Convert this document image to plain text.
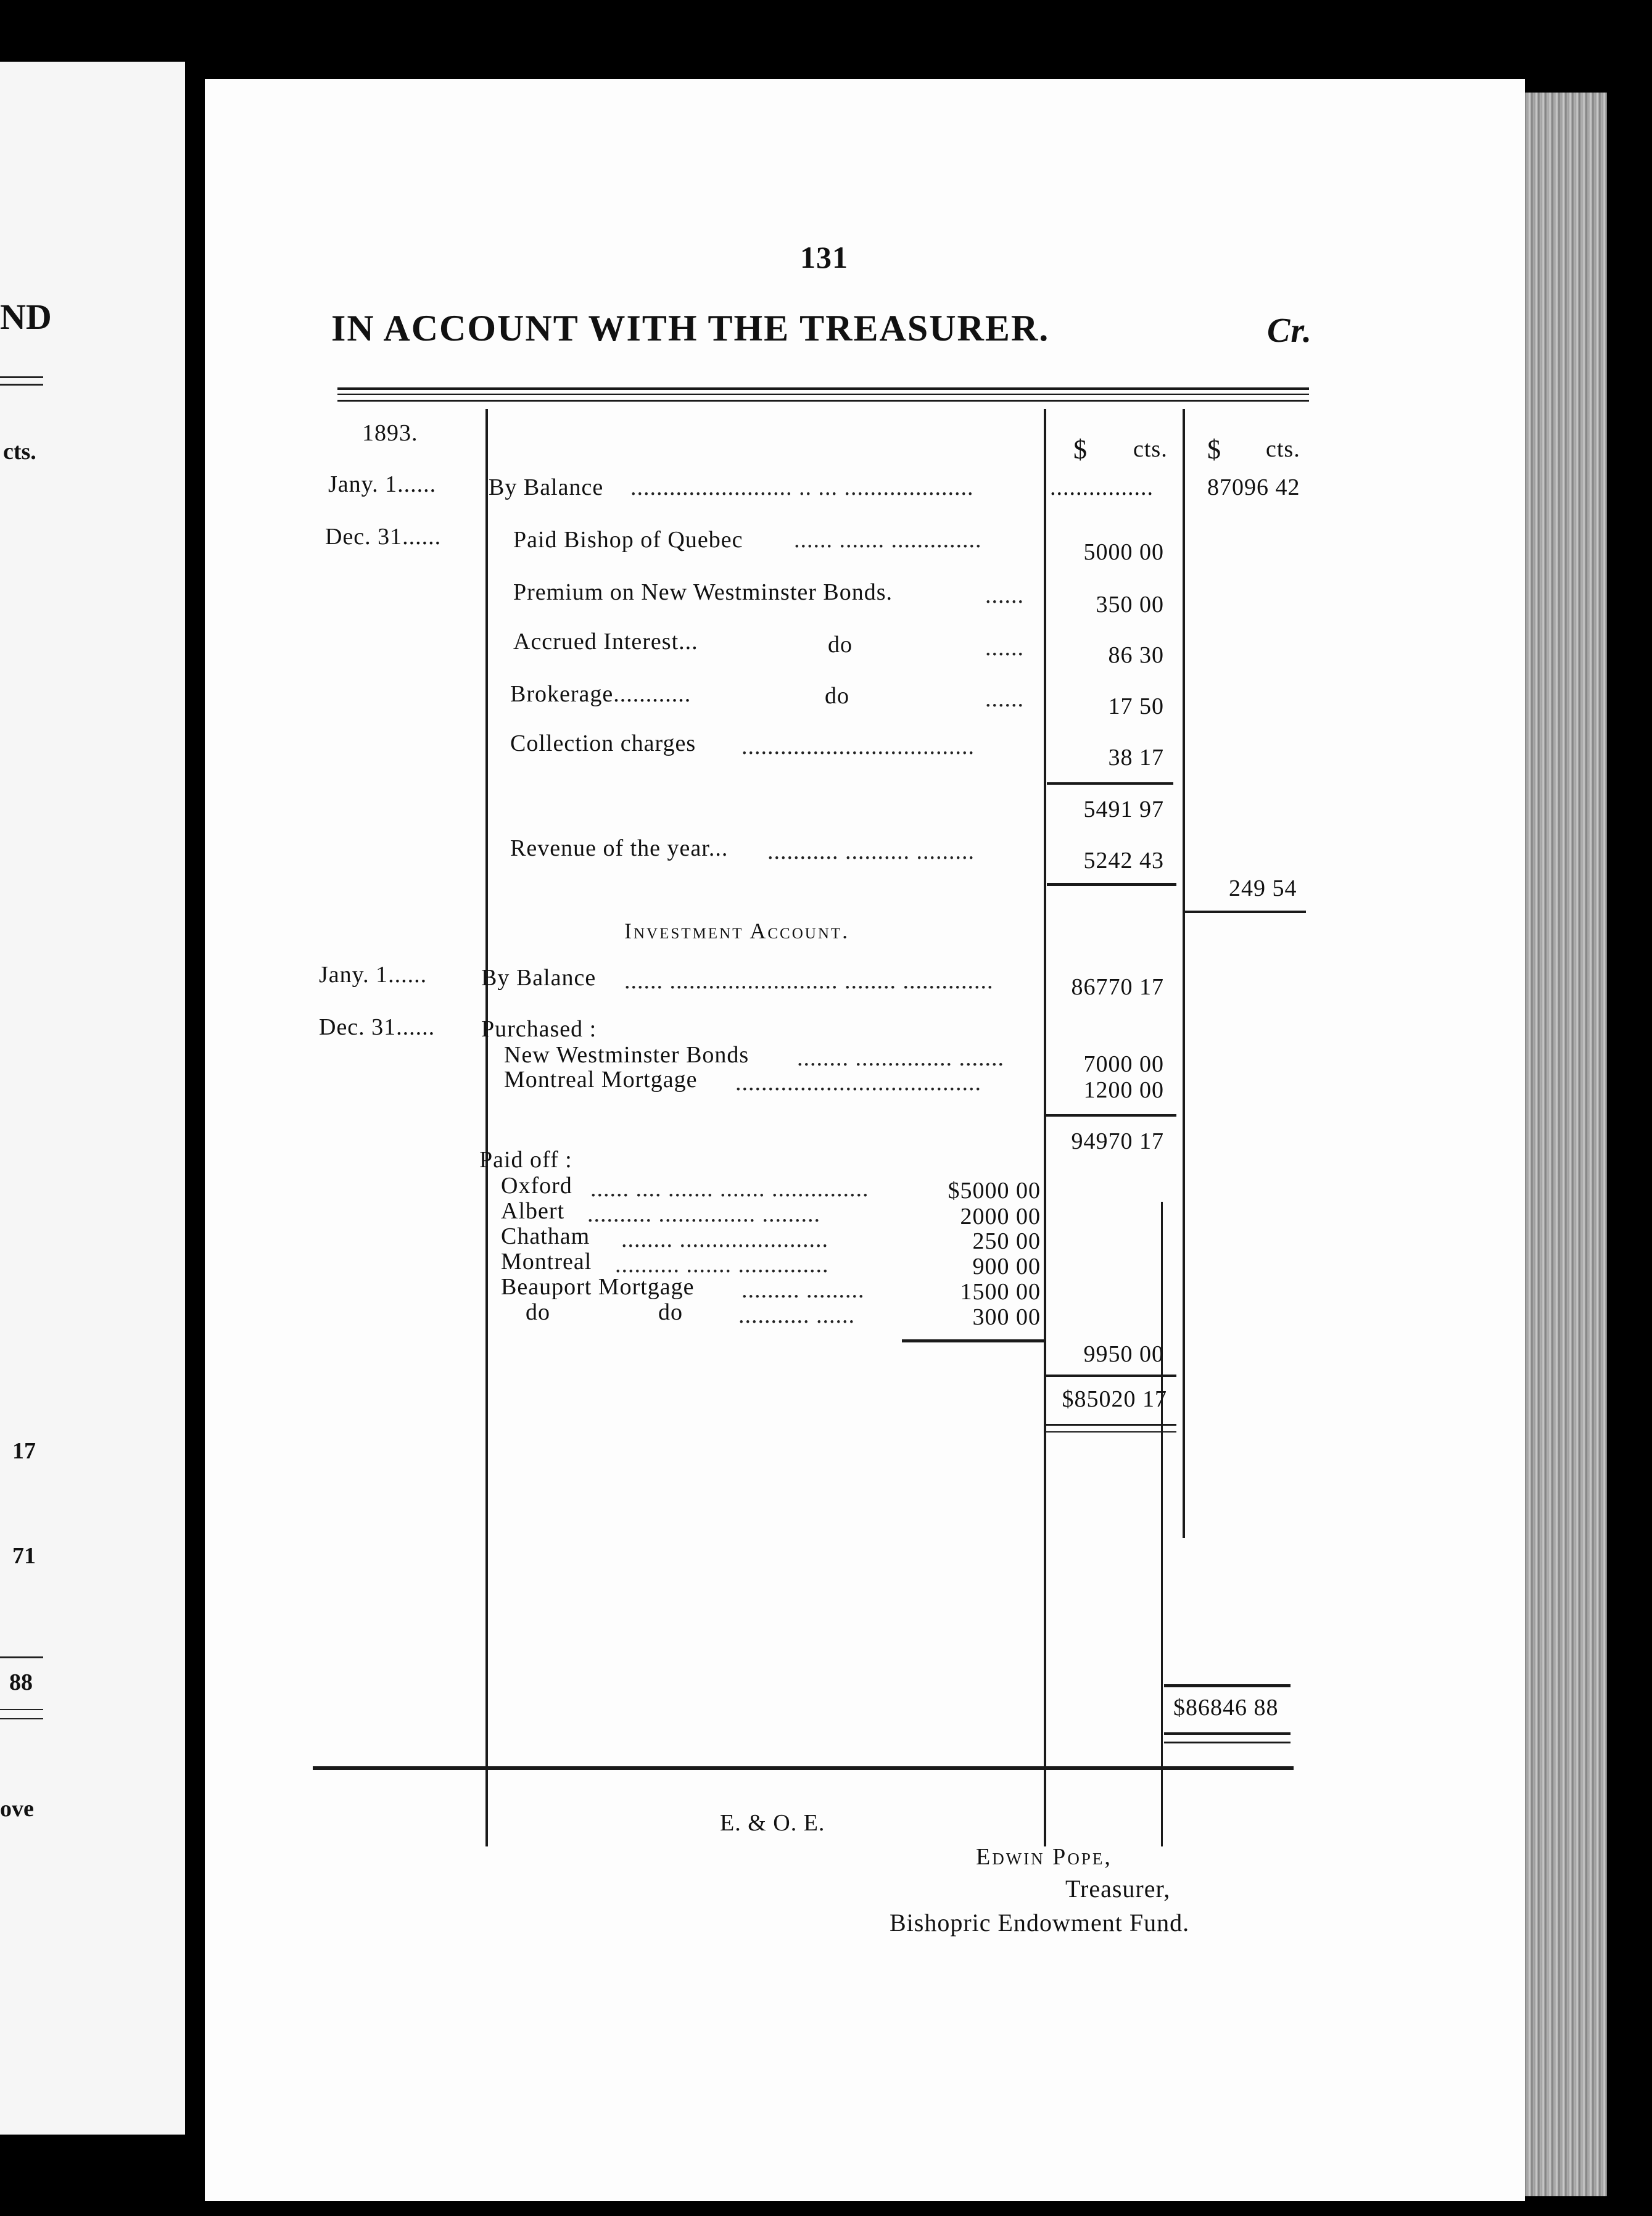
ND
cts.
17
71
88
ove
131
IN ACCOUNT WITH THE TREASURER.	Cr.
1893.
$ cts. $ cts.
Jany. 1...... By Balance ......................... .. ... ....................	................ 87096 42
Dec. 31......	Paid Bishop of Quebec ...... ....... ..............	5000 00
Premium on New Westminster Bonds.	......	350 00
Accrued Interest...	do	......	86 30
Brokerage............	do	......	17 50
Collection charges ....................................	38 17
5491 97
Revenue of the year... ........... .......... .........	5242 43
249 54
Investment Account.
Jany. 1...... By Balance ...... .......................... ........ ..............	86770 17
Dec. 31...... Purchased :
New Westminster Bonds ........ ............... .......	7000 00
Montreal Mortgage ......................................	1200 00
94970 17
Paid off :
Oxford ...... .... ....... ....... ...............	$5000 00
Albert .......... ............... .........	2000 00
Chatham ........ .......................	250 00
Montreal .......... ....... ..............	900 00
Beauport Mortgage ......... .........	1500 00
do	do ........... ......	300 00
9950 00
$85020 17
$86846 88
E. & O. E.
Edwin Pope,
Treasurer,
Bishopric Endowment Fund.
